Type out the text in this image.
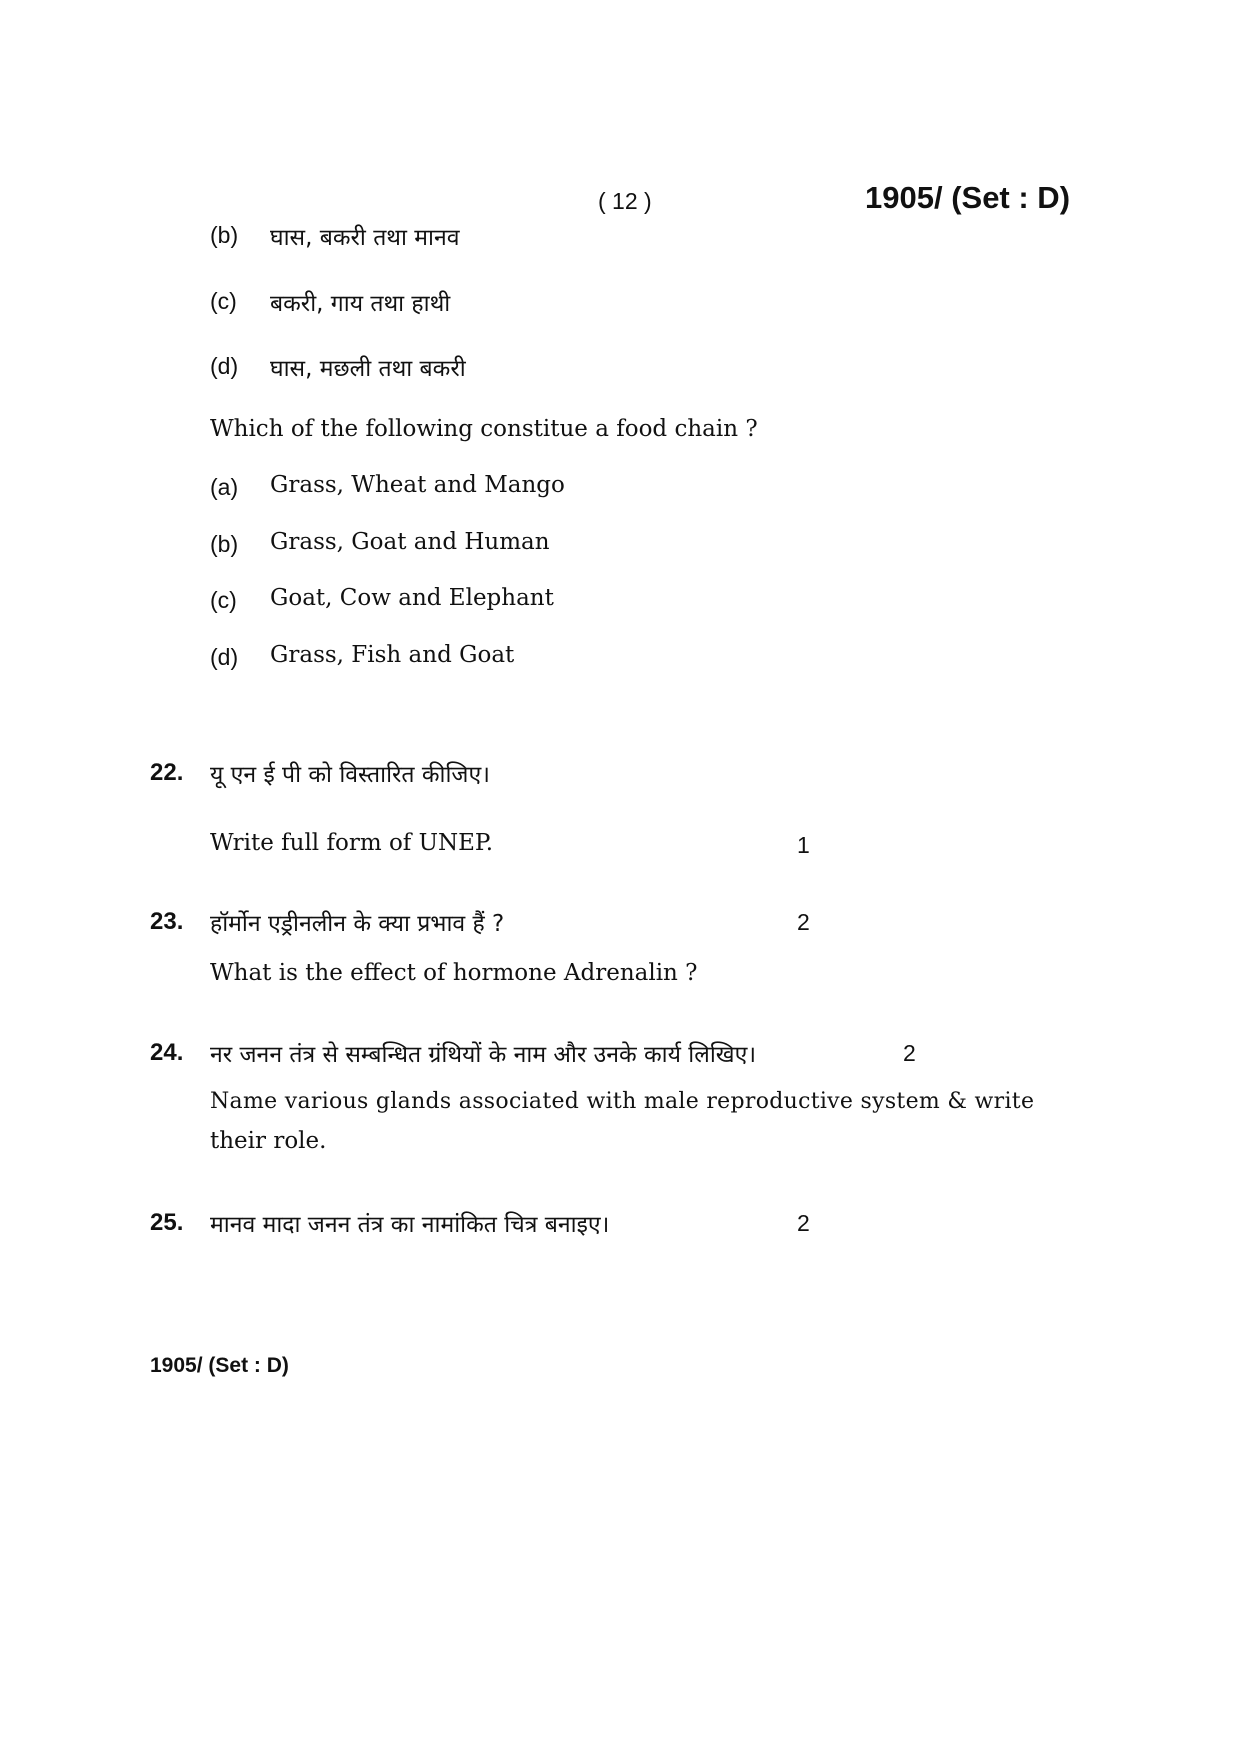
( 12 )	1905/ (Set : D)
(b) घास, बकरी तथा मानव
(c) बकरी, गाय तथा हाथी
(d) घास, मछली तथा बकरी
Which of the following constitue a food chain ?
(a) Grass, Wheat and Mango
(b) Grass, Goat and Human
(c) Goat, Cow and Elephant
(d) Grass, Fish and Goat
22. यू एन ई पी को विस्तारित कीजिए।
Write full form of UNEP.	1
23. हॉर्मोन एड्रीनलीन के क्या प्रभाव हैं ?	2
What is the effect of hormone Adrenalin ?
24. नर जनन तंत्र से सम्बन्धित ग्रंथियों के नाम और उनके कार्य लिखिए।	2
Name various glands associated with male reproductive system & write
their role.
25. मानव मादा जनन तंत्र का नामांकित चित्र बनाइए।	2
1905/ (Set : D)
